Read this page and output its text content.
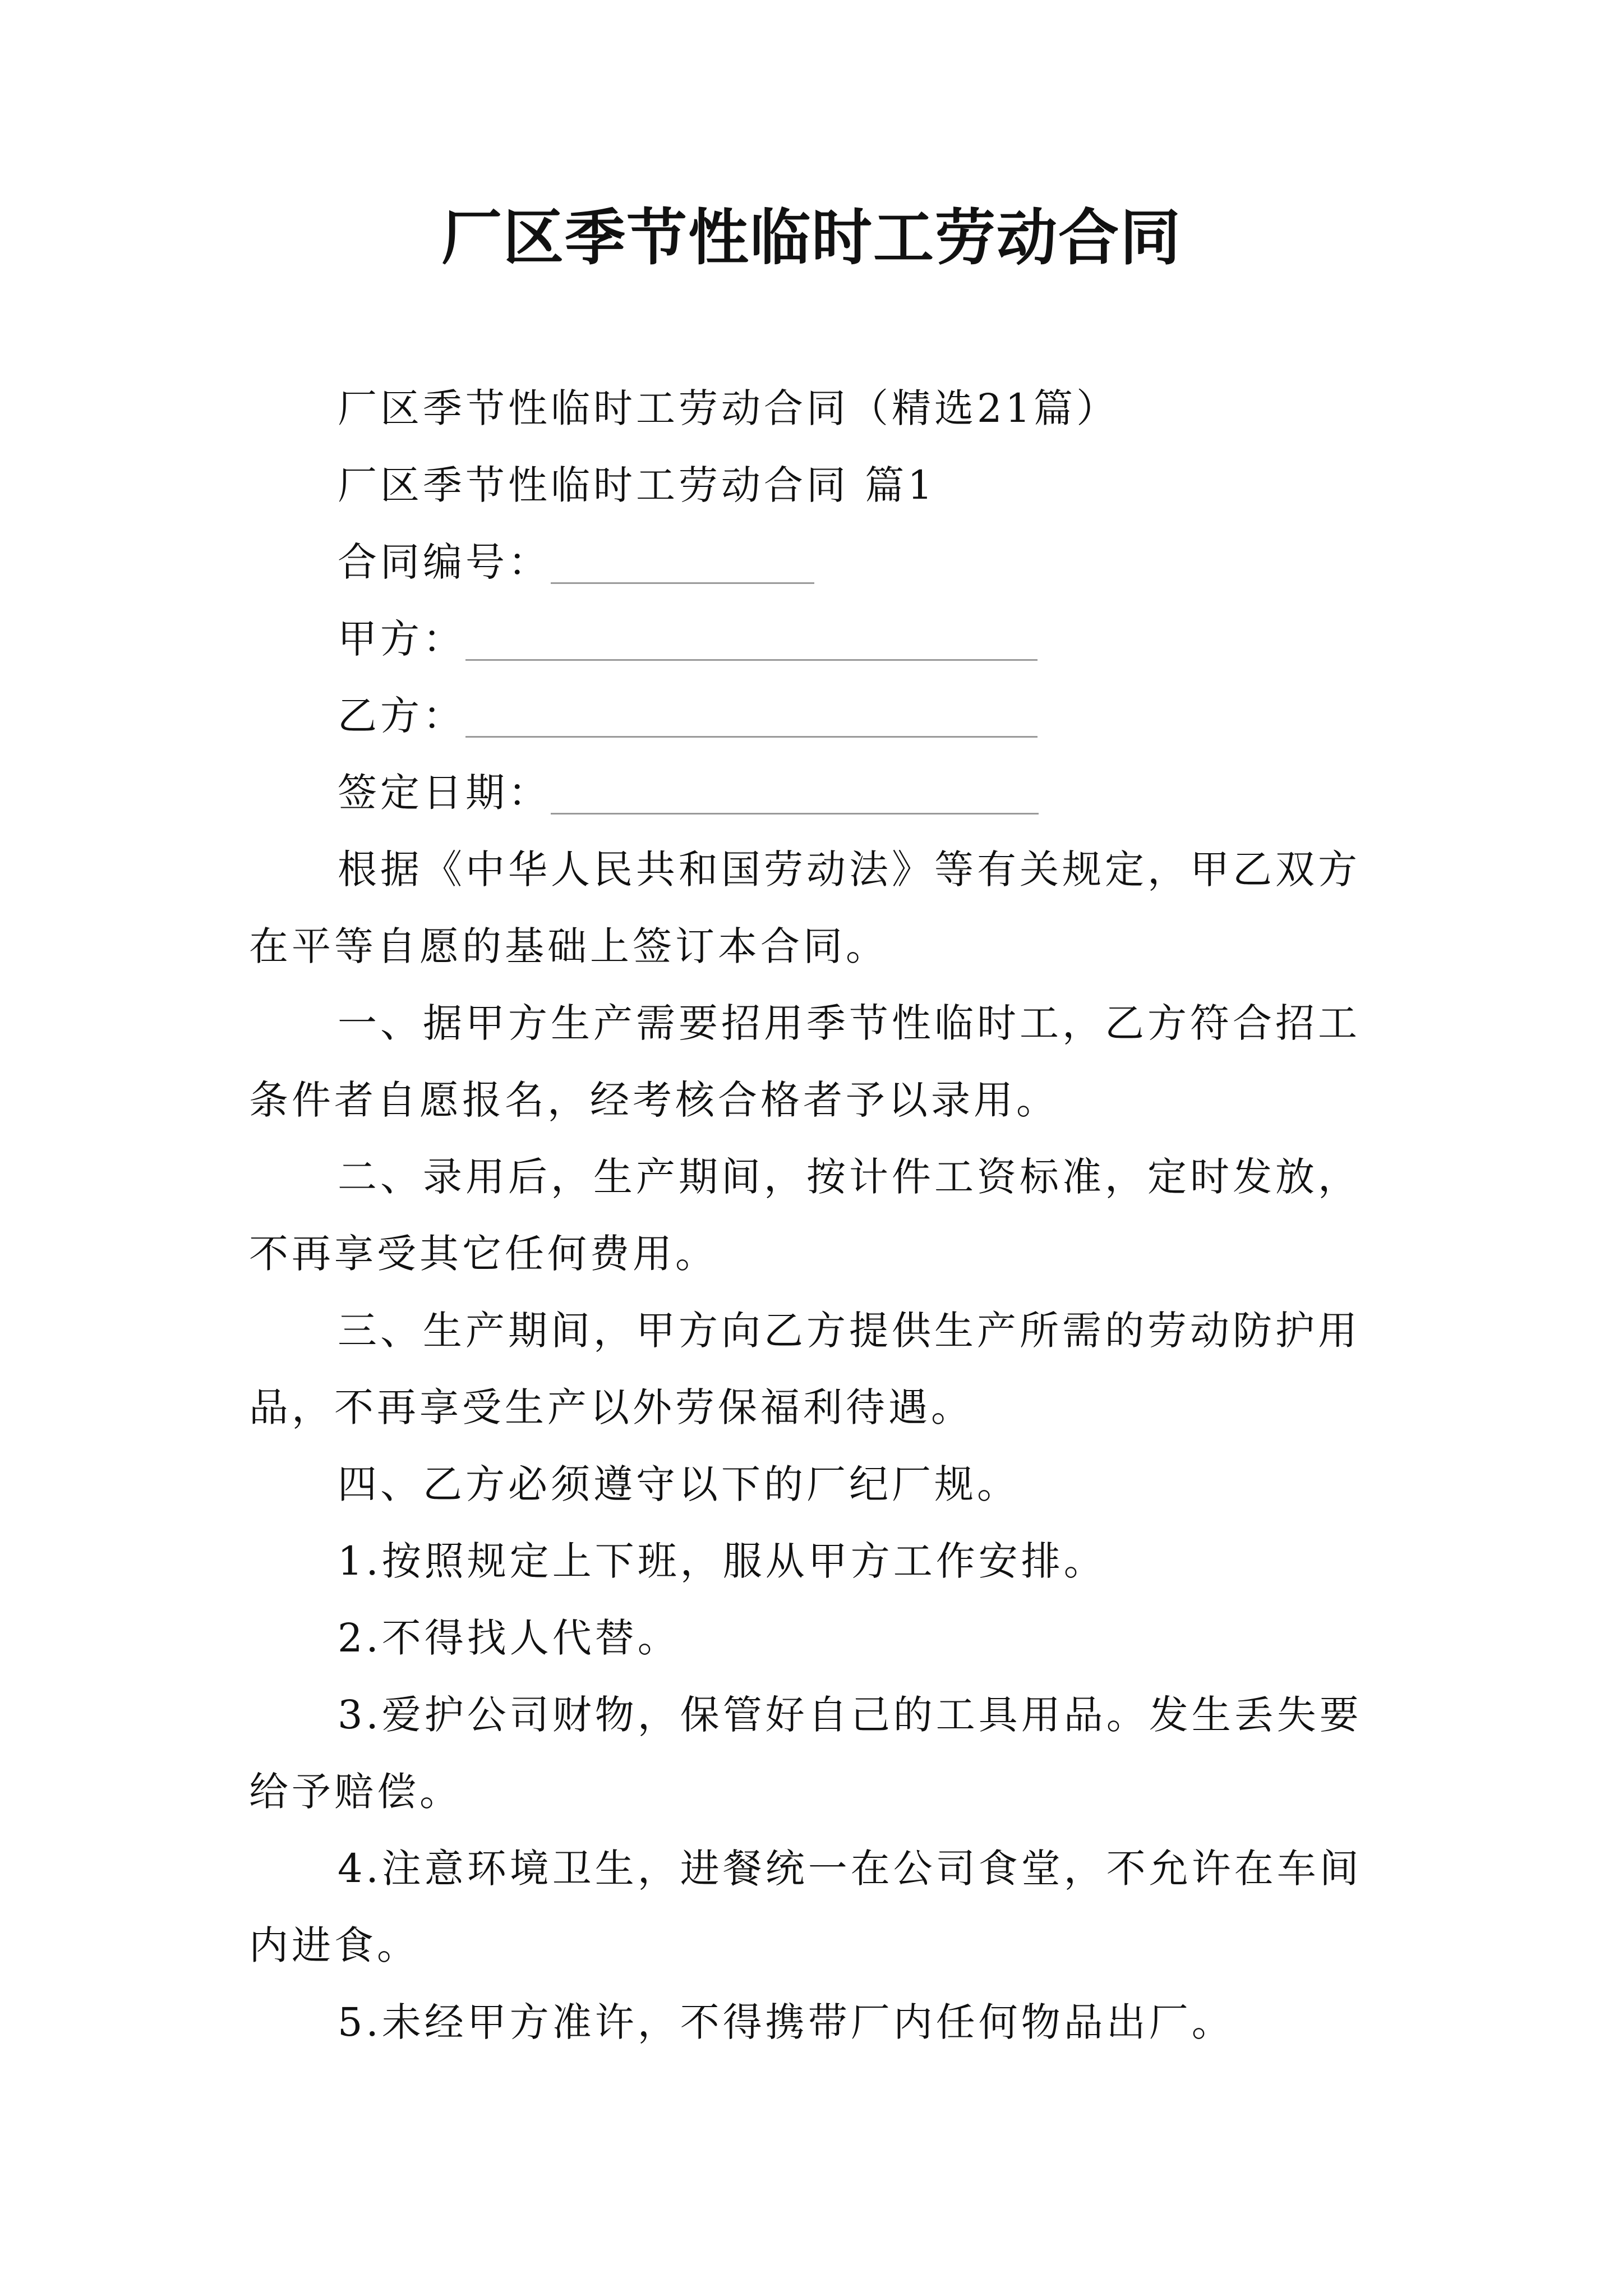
厂区季节性临时工劳动合同

厂区季节性临时工劳动合同（精选21篇）

厂区季节性临时工劳动合同 篇1

合同编号：
甲方：
乙方：
签定日期：

根据《中华人民共和国劳动法》等有关规定，甲乙双方

在平等自愿的基础上签订本合同。

一、据甲方生产需要招用季节性临时工，乙方符合招工

条件者自愿报名，经考核合格者予以录用。

二、录用后，生产期间，按计件工资标准，定时发放，

不再享受其它任何费用。

三、生产期间，甲方向乙方提供生产所需的劳动防护用

品，不再享受生产以外劳保福利待遇。

四、乙方必须遵守以下的厂纪厂规。

1.按照规定上下班，服从甲方工作安排。

2.不得找人代替。

3.爱护公司财物，保管好自己的工具用品。发生丢失要

给予赔偿。

4.注意环境卫生，进餐统一在公司食堂，不允许在车间

内进食。

5.未经甲方准许，不得携带厂内任何物品出厂。
